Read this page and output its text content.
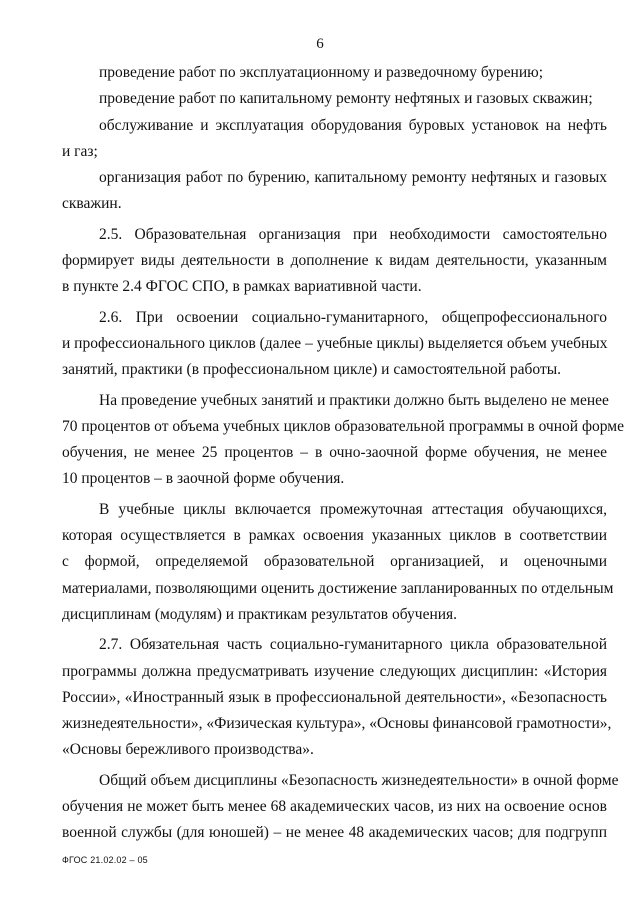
6
проведение работ по эксплуатационному и разведочному бурению;
проведение работ по капитальному ремонту нефтяных и газовых скважин;
обслуживание и эксплуатация оборудования буровых установок на нефть
и газ;
организация работ по бурению, капитальному ремонту нефтяных и газовых
скважин.
2.5. Образовательная организация при необходимости самостоятельно
формирует виды деятельности в дополнение к видам деятельности, указанным
в пункте 2.4 ФГОС СПО, в рамках вариативной части.
2.6. При освоении социально-гуманитарного, общепрофессионального
и профессионального циклов (далее – учебные циклы) выделяется объем учебных
занятий, практики (в профессиональном цикле) и самостоятельной работы.
На проведение учебных занятий и практики должно быть выделено не менее
70 процентов от объема учебных циклов образовательной программы в очной форме
обучения, не менее 25 процентов – в очно-заочной форме обучения, не менее
10 процентов – в заочной форме обучения.
В учебные циклы включается промежуточная аттестация обучающихся,
которая осуществляется в рамках освоения указанных циклов в соответствии
с формой, определяемой образовательной организацией, и оценочными
материалами, позволяющими оценить достижение запланированных по отдельным
дисциплинам (модулям) и практикам результатов обучения.
2.7. Обязательная часть социально-гуманитарного цикла образовательной
программы должна предусматривать изучение следующих дисциплин: «История
России», «Иностранный язык в профессиональной деятельности», «Безопасность
жизнедеятельности», «Физическая культура», «Основы финансовой грамотности»,
«Основы бережливого производства».
Общий объем дисциплины «Безопасность жизнедеятельности» в очной форме
обучения не может быть менее 68 академических часов, из них на освоение основ
военной службы (для юношей) – не менее 48 академических часов; для подгрупп
ФГОС 21.02.02 – 05
